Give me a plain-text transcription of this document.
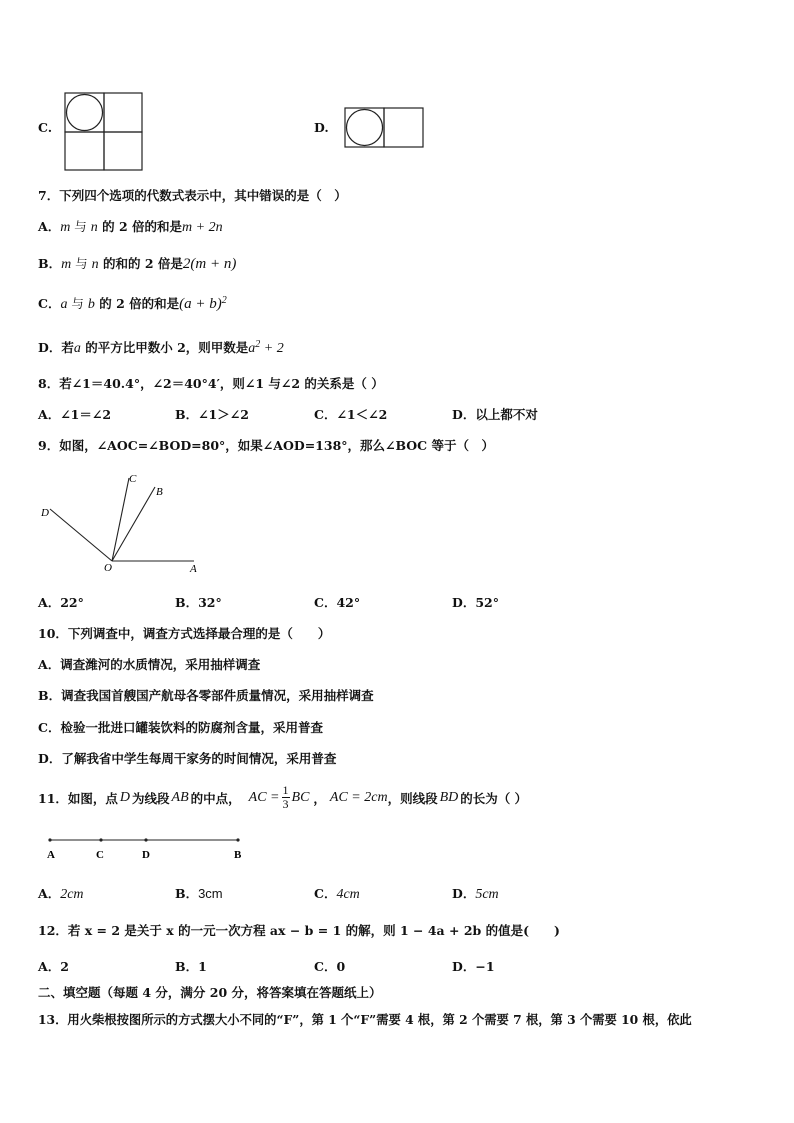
C.	D.
7．下列四个选项的代数式表示中，其中错误的是（　）
A．m 与 n 的 2 倍的和是m + 2n
B．m 与 n 的和的 2 倍是2(m + n)
C．a 与 b 的 2 倍的和是$(a + b)^2$
D．若a 的平方比甲数小 2，则甲数是$a^2 + 2$
8．若∠1＝40.4°，∠2＝40°4′，则∠1 与∠2 的关系是（ ）
A．∠1＝∠2	B．∠1＞∠2	C．∠1＜∠2	D．以上都不对
9．如图，∠AOC=∠BOD=80°，如果∠AOD=138°，那么∠BOC 等于（　）
C
B
D
O	A
A．22°	B．32°	C．42°	D．52°
10．下列调查中，调查方式选择最合理的是（　　）
A．调查潍河的水质情况，采用抽样调查
B．调查我国首艘国产航母各零部件质量情况，采用抽样调查
C．检验一批进口罐装饮料的防腐剂含量，采用普查
D．了解我省中学生每周干家务的时间情况，采用普查
11．如图，点 D 为线段 AB 的中点， AC = $\frac{1}{3}$ BC ， AC = 2cm ，则线段 BD 的长为（ ）
A	C	D	B
A．2cm	B．3cm	C．4cm	D．5cm
12．若 x = 2 是关于 x 的一元一次方程 ax − b = 1 的解，则 1 − 4a + 2b 的值是(　　)
A．2	B．1	C．0	D．−1
二、填空题（每题 4 分，满分 20 分，将答案填在答题纸上）
13．用火柴根按图所示的方式摆大小不同的“F”，第 1 个“F”需要 4 根，第 2 个需要 7 根，第 3 个需要 10 根，依此
